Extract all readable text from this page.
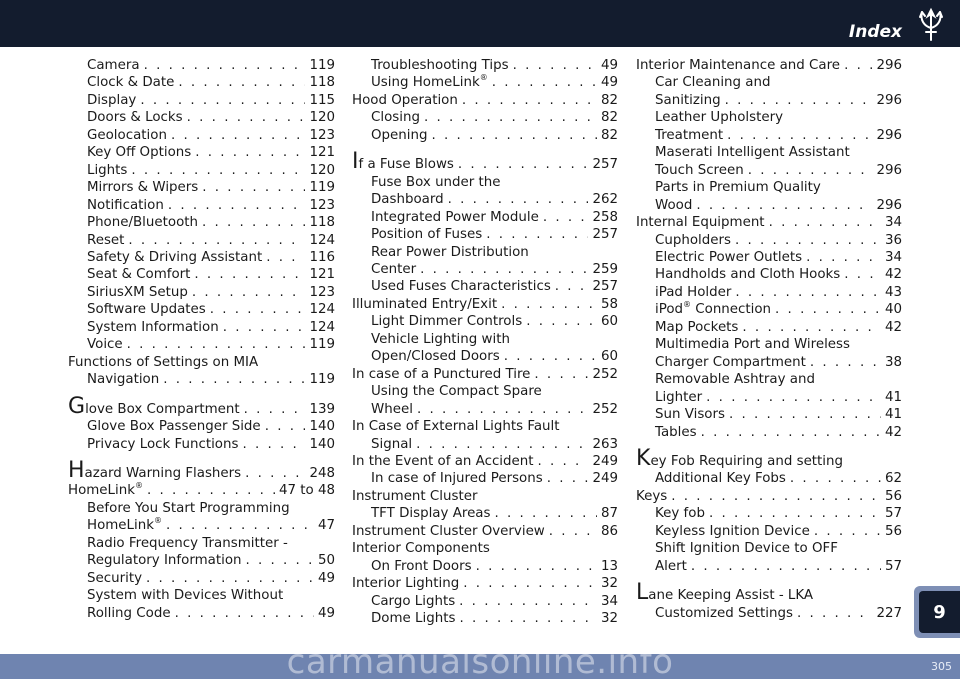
Index
Camera . . .	119
Clock & Date . . .	118
Display . . .	115
Doors & Locks . . .	120
Geolocation . . .	123
Key Off Options . . .	121
Lights . . .	120
Mirrors & Wipers . . .	119
Notification . . .	123
Phone/Bluetooth . . .	118
Reset . . .	124
Safety & Driving Assistant . . .	116
Seat & Comfort . . .	121
SiriusXM Setup . . .	123
Software Updates . . .	124
System Information . . .	124
Voice . . .	119
Functions of Settings on MIA
Navigation . . .	119
Glove Box Compartment . . .	139
Glove Box Passenger Side . . .	140
Privacy Lock Functions . . .	140
Hazard Warning Flashers . . .	248
HomeLink® . . .	47 to 48
Before You Start Programming
HomeLink® . . .	47
Radio Frequency Transmitter -
Regulatory Information . . .	50
Security . . .	49
System with Devices Without
Rolling Code . . .	49
Troubleshooting Tips . . .	49
Using HomeLink® . . .	49
Hood Operation . . .	82
Closing . . .	82
Opening . . .	82
If a Fuse Blows . . .	257
Fuse Box under the
Dashboard . . .	262
Integrated Power Module . . .	258
Position of Fuses . . .	257
Rear Power Distribution
Center . . .	259
Used Fuses Characteristics . . .	257
Illuminated Entry/Exit . . .	58
Light Dimmer Controls . . .	60
Vehicle Lighting with
Open/Closed Doors . . .	60
In case of a Punctured Tire . . .	252
Using the Compact Spare
Wheel . . .	252
In Case of External Lights Fault
Signal . . .	263
In the Event of an Accident . . .	249
In case of Injured Persons . . .	249
Instrument Cluster
TFT Display Areas . . .	87
Instrument Cluster Overview . . .	86
Interior Components
On Front Doors . . .	13
Interior Lighting . . .	32
Cargo Lights . . .	34
Dome Lights . . .	32
Interior Maintenance and Care . . .	296
Car Cleaning and
Sanitizing . . .	296
Leather Upholstery
Treatment . . .	296
Maserati Intelligent Assistant
Touch Screen . . .	296
Parts in Premium Quality
Wood . . .	296
Internal Equipment . . .	34
Cupholders . . .	36
Electric Power Outlets . . .	34
Handholds and Cloth Hooks . . .	42
iPad Holder . . .	43
iPod® Connection . . .	40
Map Pockets . . .	42
Multimedia Port and Wireless
Charger Compartment . . .	38
Removable Ashtray and
Lighter . . .	41
Sun Visors . . .	41
Tables . . .	42
Key Fob Requiring and setting
Additional Key Fobs . . .	62
Keys . . .	56
Key fob . . .	57
Keyless Ignition Device . . .	56
Shift Ignition Device to OFF
Alert . . .	57
Lane Keeping Assist - LKA
Customized Settings . . .	227	9
carmanualsonline.info	305
